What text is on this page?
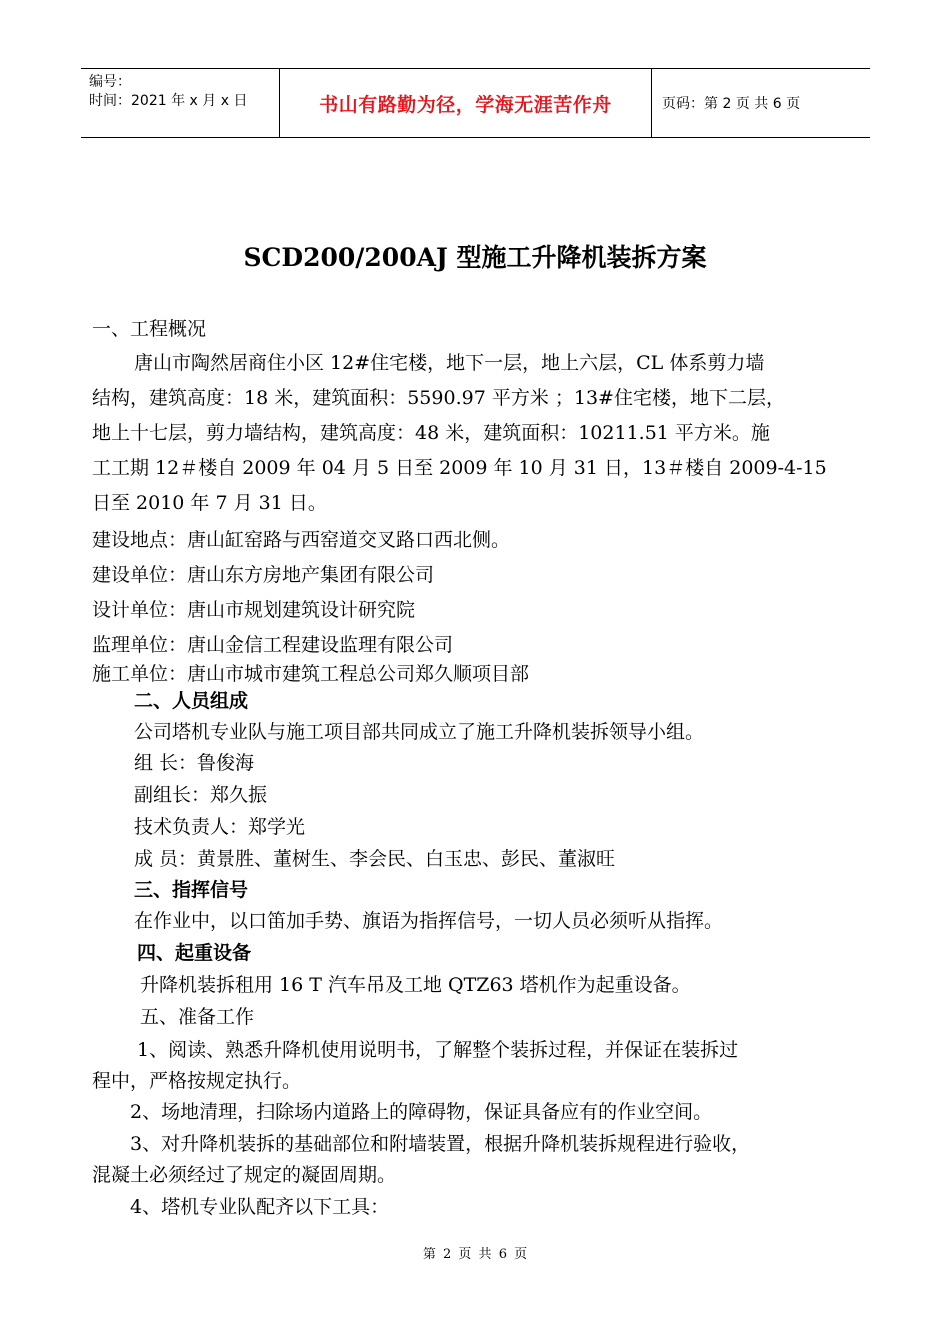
编号：
时间：2021 年 x 月 x 日	书山有路勤为径，学海无涯苦作舟	页码：第 2 页 共 6 页
SCD200/200AJ 型施工升降机装拆方案
一、工程概况
唐山市陶然居商住小区 12#住宅楼，地下一层，地上六层，CL 体系剪力墙
结构，建筑高度：18 米，建筑面积：5590.97 平方米 ；13#住宅楼，地下二层，
地上十七层，剪力墙结构，建筑高度：48 米，建筑面积：10211.51 平方米。施
工工期 12＃楼自 2009 年 04 月 5 日至 2009 年 10 月 31 日，13＃楼自 2009-4-15
日至 2010 年 7 月 31 日。
建设地点：唐山缸窑路与西窑道交叉路口西北侧。
建设单位：唐山东方房地产集团有限公司
设计单位：唐山市规划建筑设计研究院
监理单位：唐山金信工程建设监理有限公司
施工单位：唐山市城市建筑工程总公司郑久顺项目部
二、人员组成
公司塔机专业队与施工项目部共同成立了施工升降机装拆领导小组。
组 长：鲁俊海
副组长：郑久振
技术负责人：郑学光
成 员：黄景胜、董树生、李会民、白玉忠、彭民、董淑旺
三、指挥信号
在作业中，以口笛加手势、旗语为指挥信号，一切人员必须听从指挥。
四、起重设备
升降机装拆租用 16 T 汽车吊及工地 QTZ63 塔机作为起重设备。
五、准备工作
1、阅读、熟悉升降机使用说明书，了解整个装拆过程，并保证在装拆过
程中，严格按规定执行。
2、场地清理，扫除场内道路上的障碍物，保证具备应有的作业空间。
3、对升降机装拆的基础部位和附墙装置，根据升降机装拆规程进行验收，
混凝土必须经过了规定的凝固周期。
4、塔机专业队配齐以下工具：
第 2 页 共 6 页
